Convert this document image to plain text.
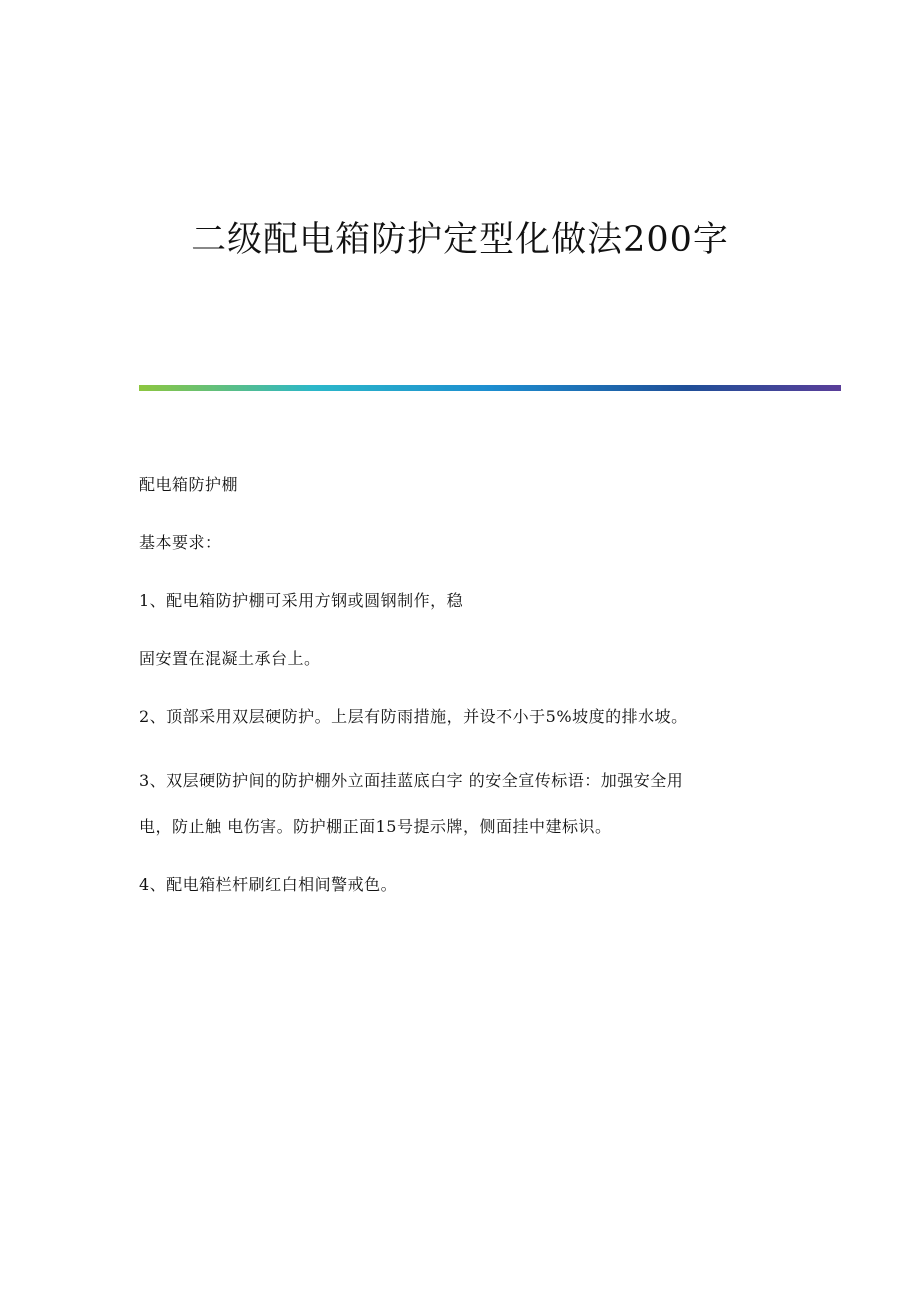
二级配电箱防护定型化做法200字

配电箱防护棚

基本要求：

1、配电箱防护棚可采用方钢或圆钢制作，稳

固安置在混凝土承台上。

2、顶部采用双层硬防护。上层有防雨措施，并设不小于5%坡度的排水坡。

3、双层硬防护间的防护棚外立面挂蓝底白字 的安全宣传标语：加强安全用

电，防止触 电伤害。防护棚正面15号提示牌，侧面挂中建标识。

4、配电箱栏杆刷红白相间警戒色。
